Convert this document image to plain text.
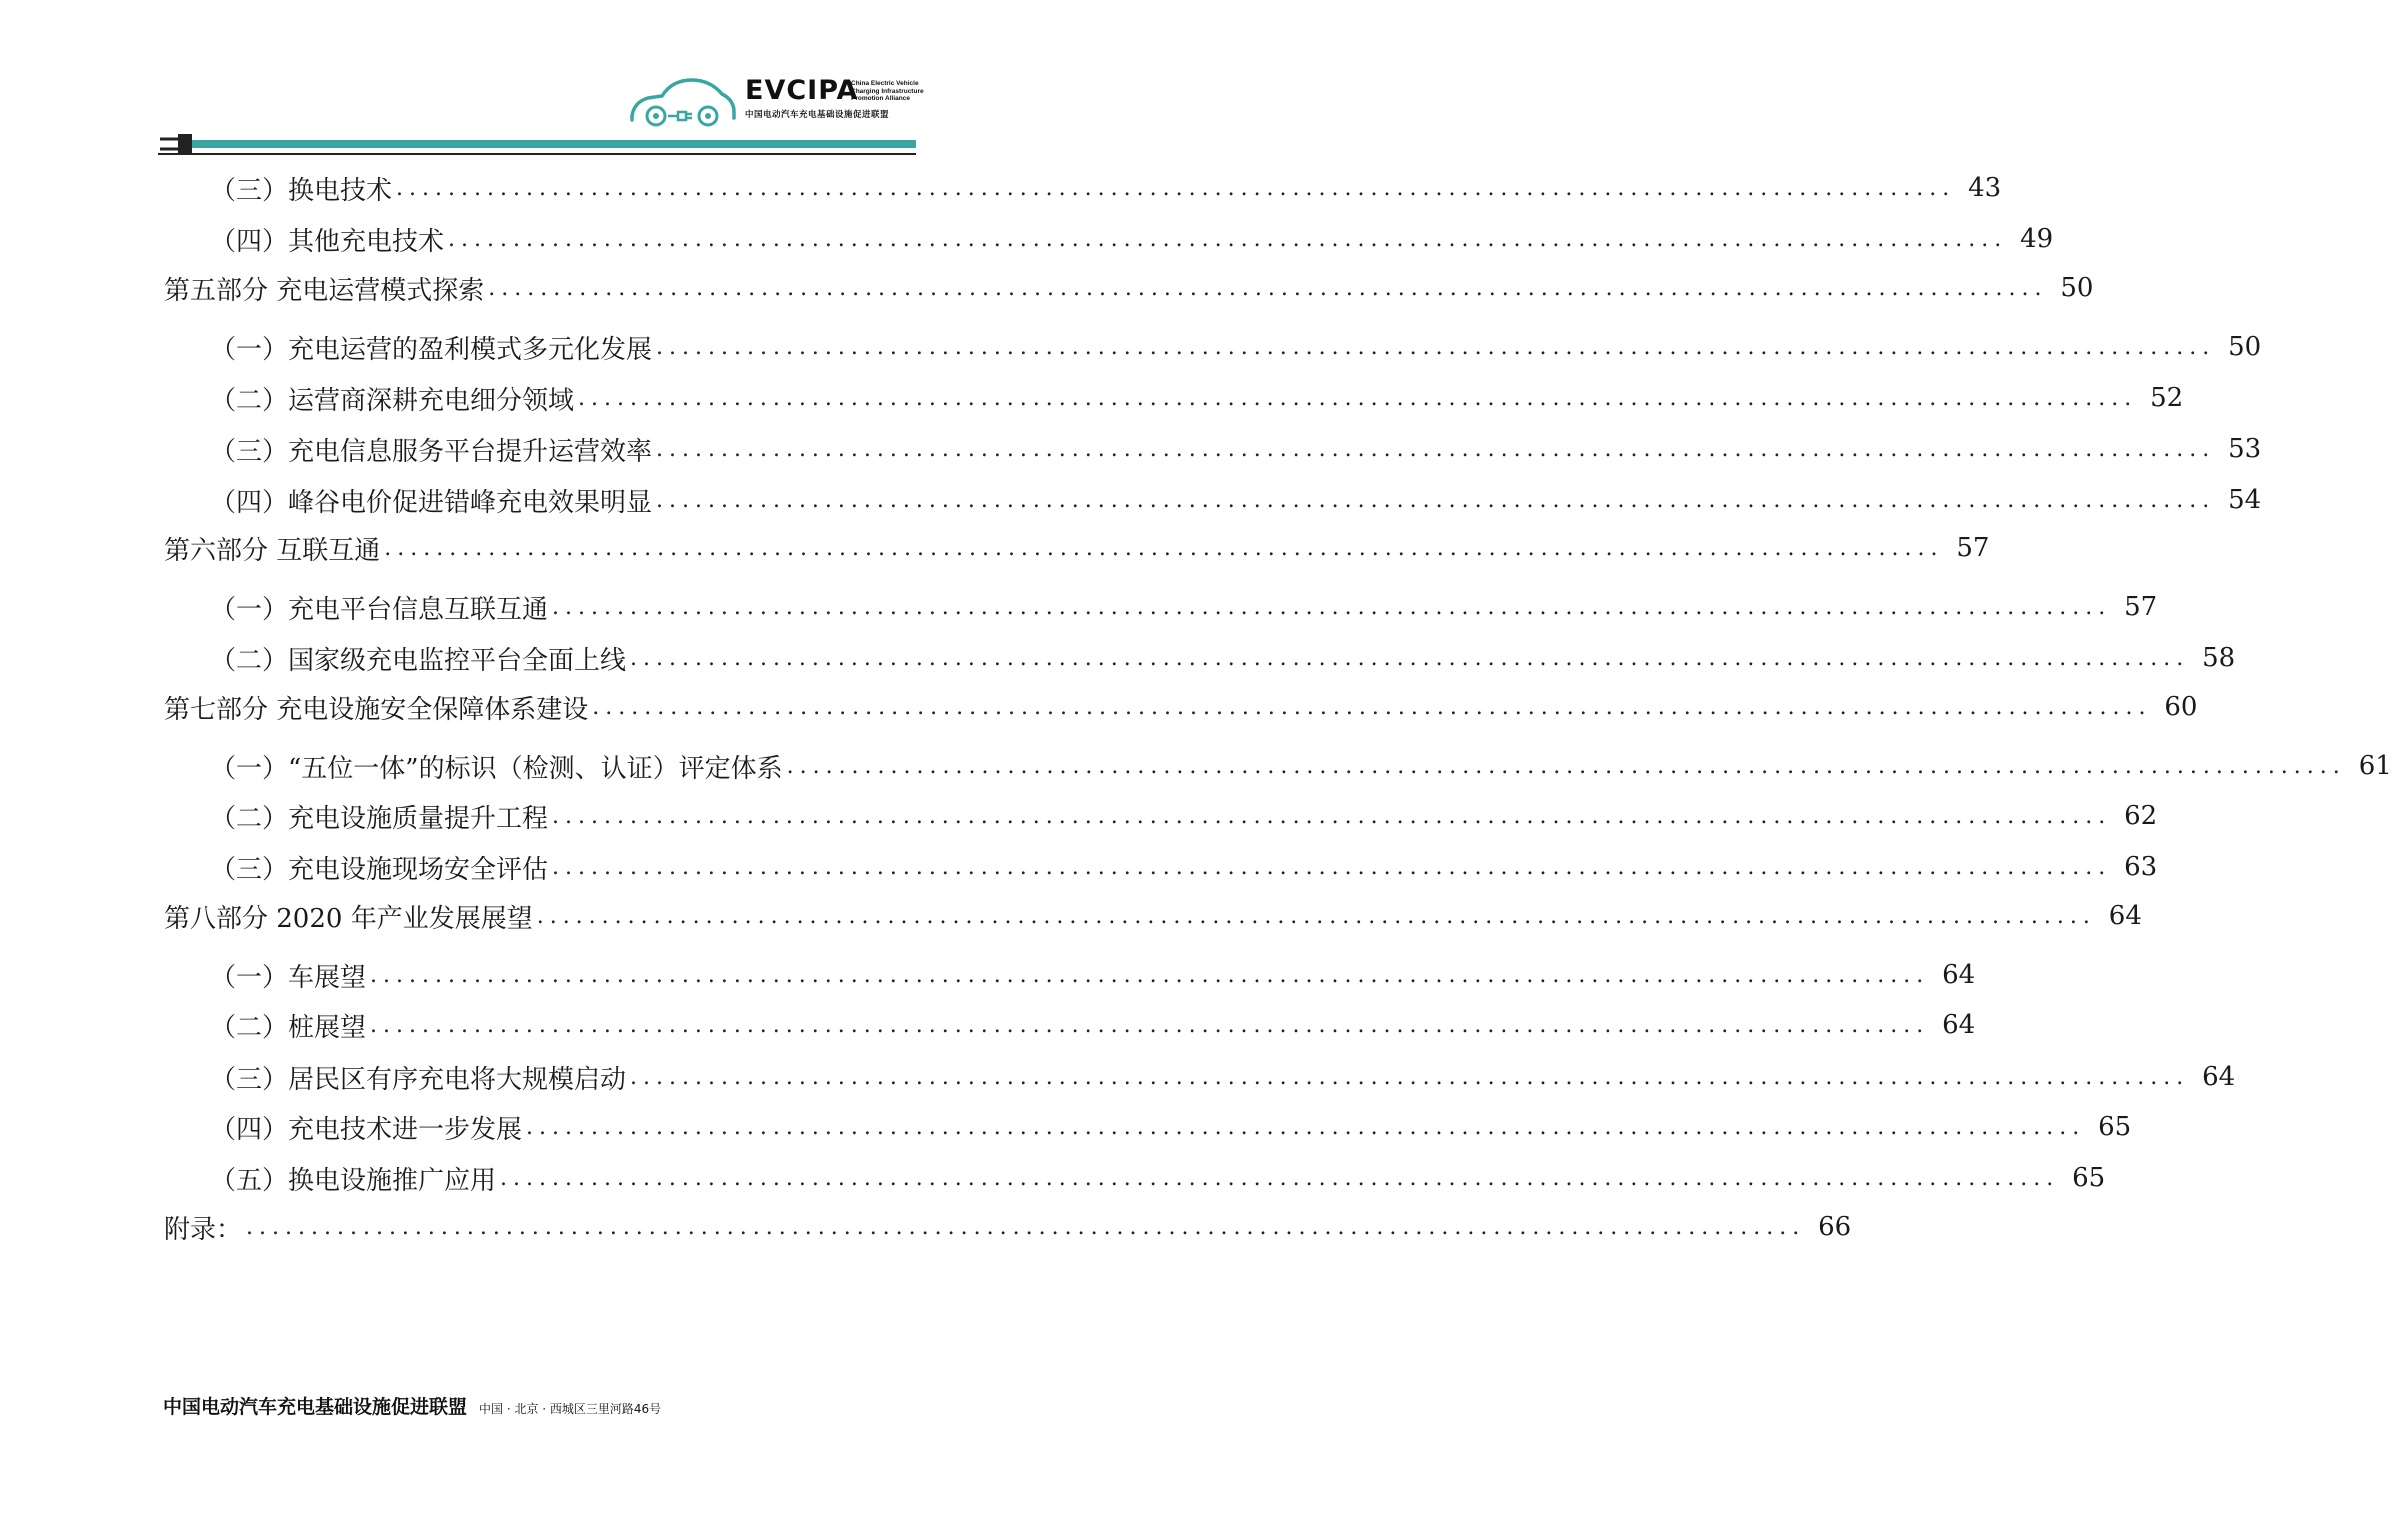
EVCIPA
China Electric Vehicle
Charging Infrastructure
Promotion Alliance
中国电动汽车充电基础设施促进联盟
（三）换电技术 ........................................................................................................................ 43
（四）其他充电技术 ........................................................................................................................ 49
第五部分 充电运营模式探索 ........................................................................................................................ 50
（一）充电运营的盈利模式多元化发展 ........................................................................................................................ 50
（二）运营商深耕充电细分领域 ........................................................................................................................ 52
（三）充电信息服务平台提升运营效率 ........................................................................................................................ 53
（四）峰谷电价促进错峰充电效果明显 ........................................................................................................................ 54
第六部分 互联互通 ........................................................................................................................ 57
（一）充电平台信息互联互通 ........................................................................................................................ 57
（二）国家级充电监控平台全面上线 ........................................................................................................................ 58
第七部分 充电设施安全保障体系建设 ........................................................................................................................ 60
（一）“五位一体”的标识（检测、认证）评定体系 ........................................................................................................................ 61
（二）充电设施质量提升工程 ........................................................................................................................ 62
（三）充电设施现场安全评估 ........................................................................................................................ 63
第八部分 2020 年产业发展展望 ........................................................................................................................ 64
（一）车展望 ........................................................................................................................ 64
（二）桩展望 ........................................................................................................................ 64
（三）居民区有序充电将大规模启动 ........................................................................................................................ 64
（四）充电技术进一步发展 ........................................................................................................................ 65
（五）换电设施推广应用 ........................................................................................................................ 65
附录： ........................................................................................................................ 66
中国电动汽车充电基础设施促进联盟 中国 · 北京 · 西城区三里河路46号
